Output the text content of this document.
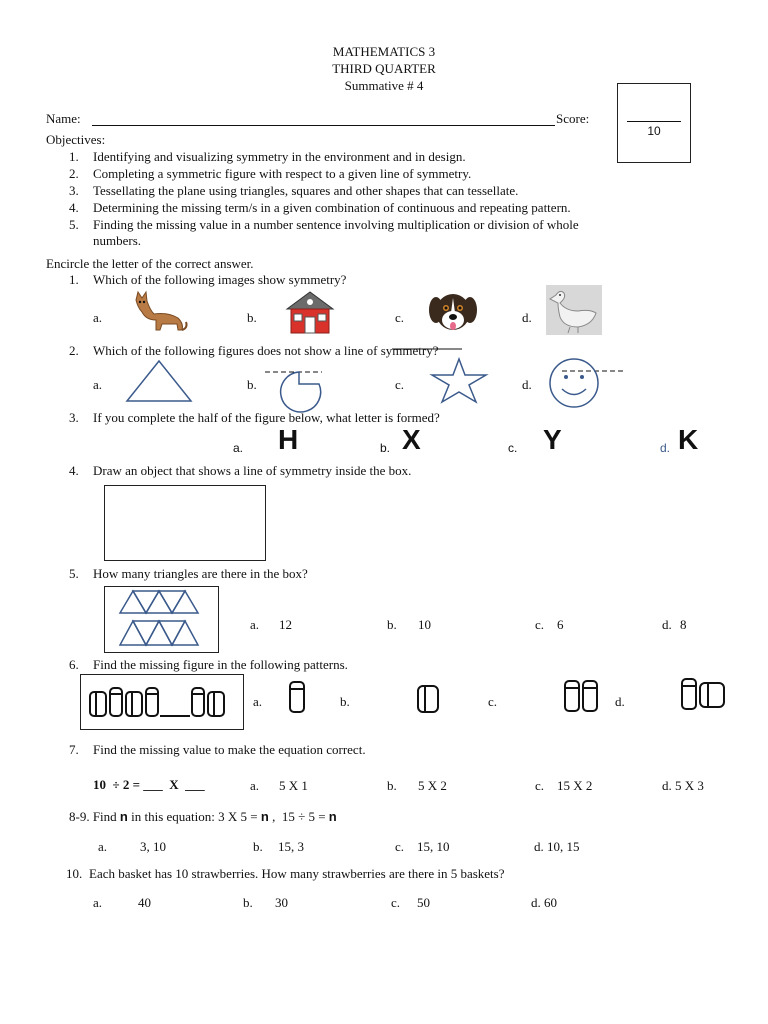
MATHEMATICS 3
THIRD QUARTER
Summative # 4
Name:	Score:
10
Objectives:
1. Identifying and visualizing symmetry in the environment and in design.
2. Completing a symmetric figure with respect to a given line of symmetry.
3. Tessellating the plane using triangles, squares and other shapes that can tessellate.
4. Determining the missing term/s in a given combination of continuous and repeating pattern.
5. Finding the missing value in a number sentence involving multiplication or division of whole
numbers.
Encircle the letter of the correct answer.
1. Which of the following images show symmetry?
a.	b.	c.	d.
2. Which of the following figures does not show a line of symmetry?
a.	b.	c.	d.
3. If you complete the half of the figure below, what letter is formed?
a. H	b. X	c. Y	d. K
4. Draw an object that shows a line of symmetry inside the box.
5. How many triangles are there in the box?
a. 12	b. 10	c. 6	d. 8
6. Find the missing figure in the following patterns.
a.	b.	c.	d.
7. Find the missing value to make the equation correct.
10  ÷ 2 = ___  X  ___	a. 5 X 1	b. 5 X 2	c. 15 X 2	d. 5 X 3
8-9. Find n in this equation: 3 X 5 = n ,  15 ÷ 5 = n
a.	3, 10	b. 15, 3	c. 15, 10	d. 10, 15
10. Each basket has 10 strawberries. How many strawberries are there in 5 baskets?
a.	40	b. 30	c. 50	d. 60
